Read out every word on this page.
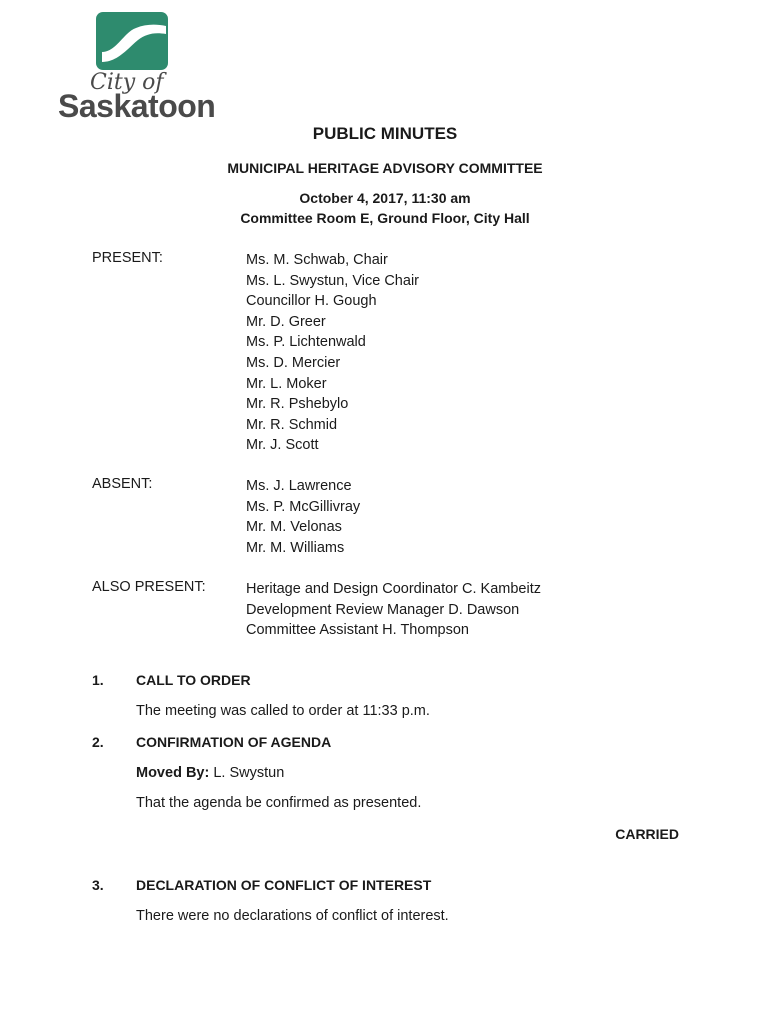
City of
Saskatoon
PUBLIC MINUTES
MUNICIPAL HERITAGE ADVISORY COMMITTEE
October 4, 2017, 11:30 am
Committee Room E, Ground Floor, City Hall
PRESENT:	Ms. M. Schwab, Chair
Ms. L. Swystun, Vice Chair
Councillor H. Gough
Mr. D. Greer
Ms. P. Lichtenwald
Ms. D. Mercier
Mr. L. Moker
Mr. R. Pshebylo
Mr. R. Schmid
Mr. J. Scott
ABSENT:	Ms. J. Lawrence
Ms. P. McGillivray
Mr. M. Velonas
Mr. M. Williams
ALSO PRESENT:	Heritage and Design Coordinator C. Kambeitz
Development Review Manager D. Dawson
Committee Assistant H. Thompson
1. CALL TO ORDER
The meeting was called to order at 11:33 p.m.
2. CONFIRMATION OF AGENDA
Moved By: L. Swystun
That the agenda be confirmed as presented.
CARRIED
3. DECLARATION OF CONFLICT OF INTEREST
There were no declarations of conflict of interest.
